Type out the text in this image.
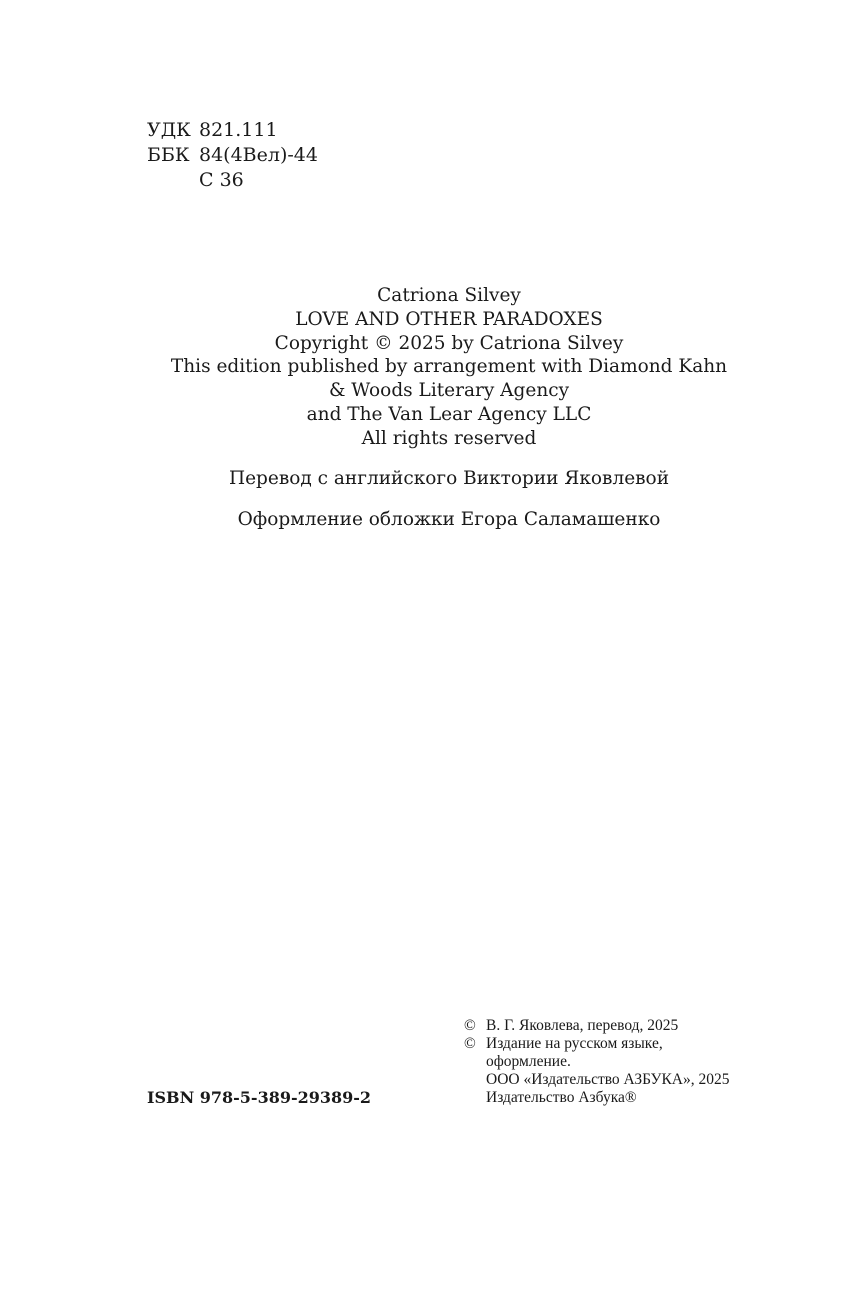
УДК 821.111
ББК 84(4Вел)-44
С 36
Catriona Silvey
LOVE AND OTHER PARADOXES
Copyright © 2025 by Catriona Silvey
This edition published by arrangement with Diamond Kahn
& Woods Literary Agency
and The Van Lear Agency LLC
All rights reserved
Перевод с английского Виктории Яковлевой
Оформление обложки Егора Саламашенко
ISBN 978-5-389-29389-2
© В. Г. Яковлева, перевод, 2025
© Издание на русском языке,
оформление.
ООО «Издательство АЗБУКА», 2025
Издательство Азбука®
